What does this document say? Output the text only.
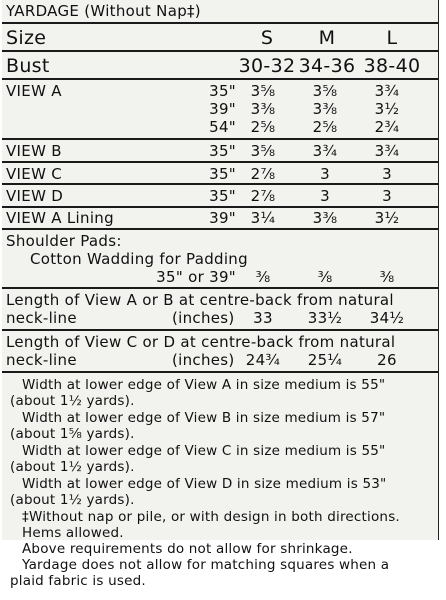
YARDAGE (Without Nap‡)
Size	S	M	L
Bust	30-32 34-36 38-40
VIEW A	35" 3⅝	3⅝	3¾
39" 3⅜	3⅜	3½
54" 2⅝	2⅝	2¾
VIEW B	35" 3⅝	3¾	3¾
VIEW C	35" 2⅞	3	3
VIEW D	35" 2⅞	3	3
VIEW A Lining	39" 3¼	3⅜	3½
Shoulder Pads:
Cotton Wadding for Padding
35" or 39"	⅜	⅜	⅜
Length of View A or B at centre-back from natural
neck-line	(inches)	33	33½	34½
Length of View C or D at centre-back from natural
neck-line	(inches) 24¾	25¼	26
Width at lower edge of View A in size medium is 55"
(about 1½ yards).
Width at lower edge of View B in size medium is 57"
(about 1⅝ yards).
Width at lower edge of View C in size medium is 55"
(about 1½ yards).
Width at lower edge of View D in size medium is 53"
(about 1½ yards).
‡Without nap or pile, or with design in both directions.
Hems allowed.
Above requirements do not allow for shrinkage.
Yardage does not allow for matching squares when a
plaid fabric is used.
